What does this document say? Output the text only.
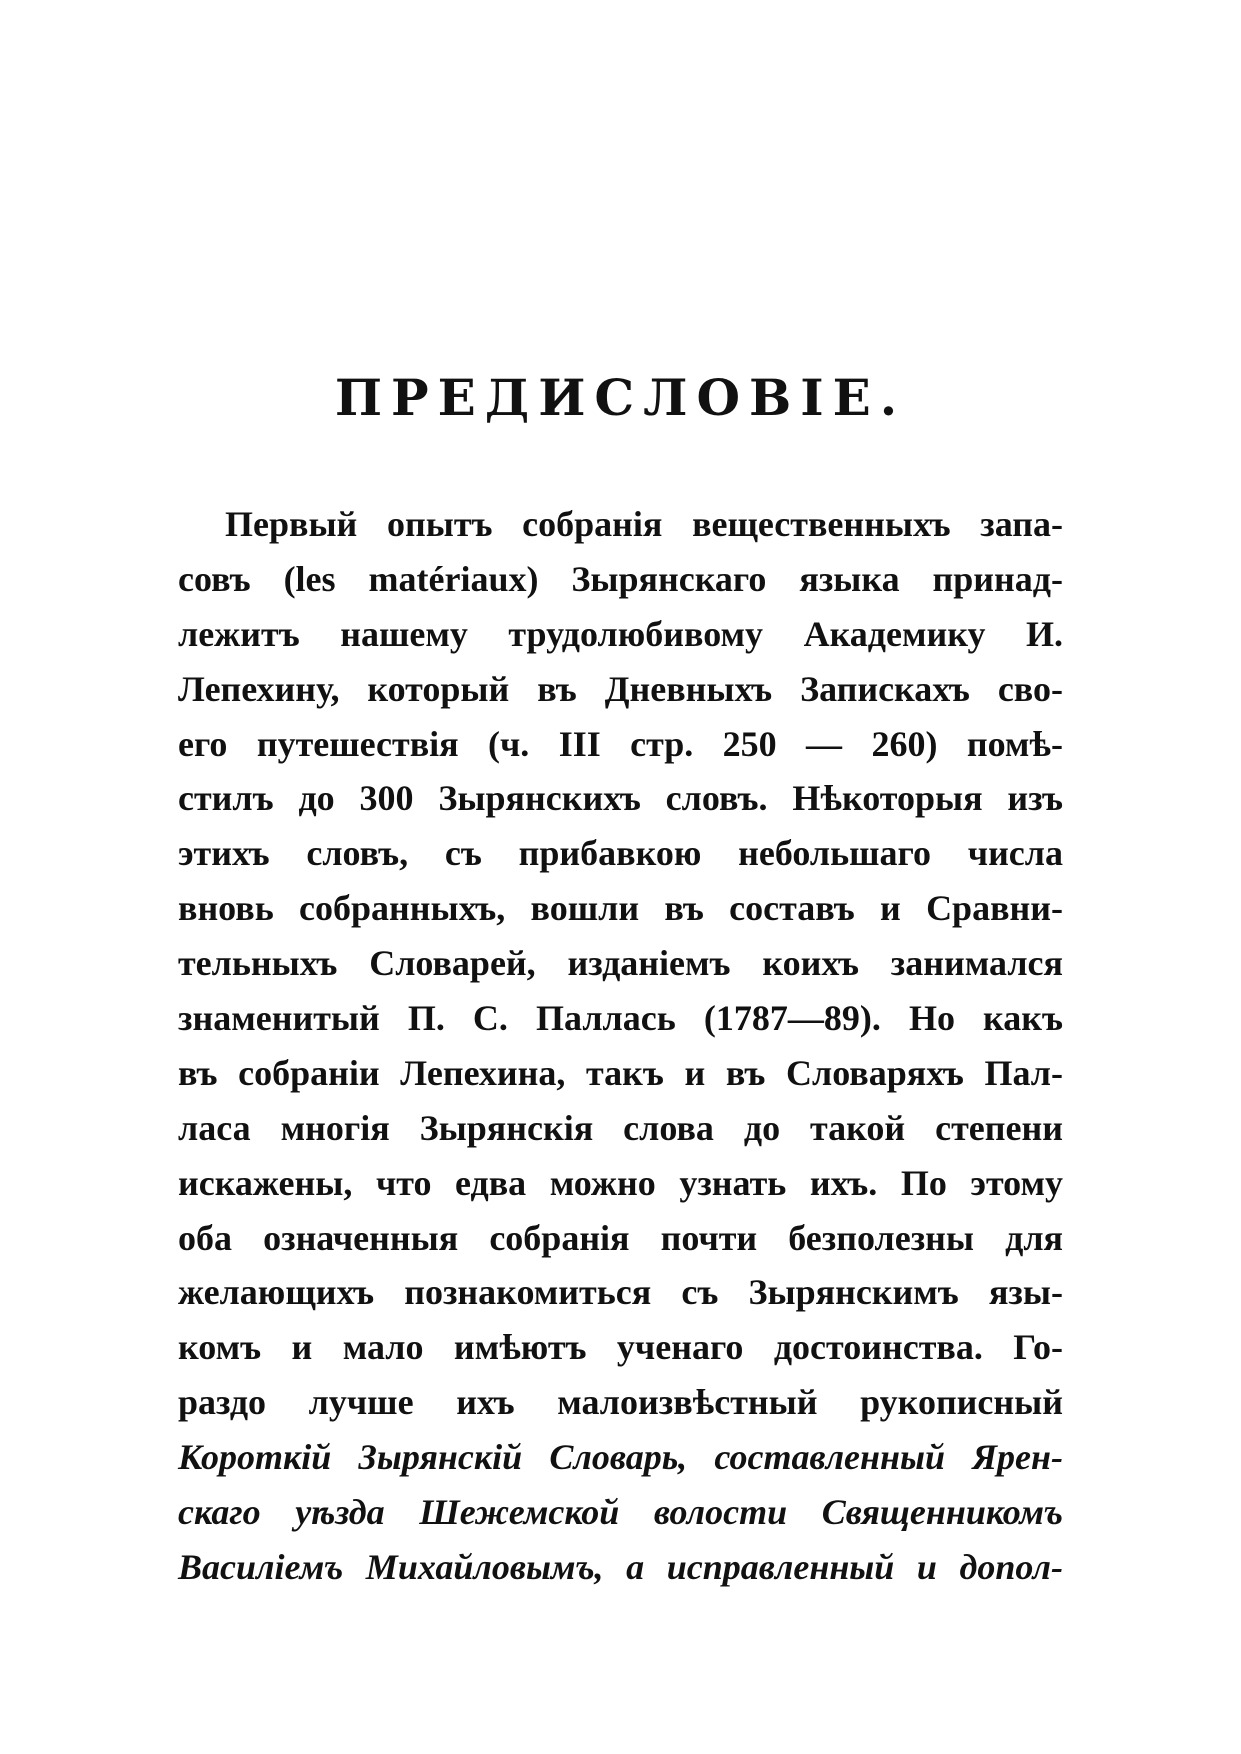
ПРЕДИСЛОВІЕ.
Первый опытъ собранія вещественныхъ запа-
совъ (les matériaux) Зырянскаго языка принад-
лежитъ нашему трудолюбивому Академику И.
Лепехину, который въ Дневныхъ Запискахъ сво-
его путешествія (ч. III стр. 250 — 260) помѣ-
стилъ до 300 Зырянскихъ словъ. Нѣкоторыя изъ
этихъ словъ, съ прибавкою небольшаго числа
вновь собранныхъ, вошли въ составъ и Сравни-
тельныхъ Словарей, изданіемъ коихъ занимался
знаменитый П. С. Паллась (1787—89). Но какъ
въ собраніи Лепехина, такъ и въ Словаряхъ Пал-
ласа многія Зырянскія слова до такой степени
искажены, что едва можно узнать ихъ. По этому
оба означенныя собранія почти безполезны для
желающихъ познакомиться съ Зырянскимъ язы-
комъ и мало имѣютъ ученаго достоинства. Го-
раздо лучше ихъ малоизвѣстный рукописный
Короткій Зырянскій Словарь, составленный Ярен-
скаго уѣзда Шежемской волости Священникомъ
Василіемъ Михайловымъ, а исправленный и допол-
